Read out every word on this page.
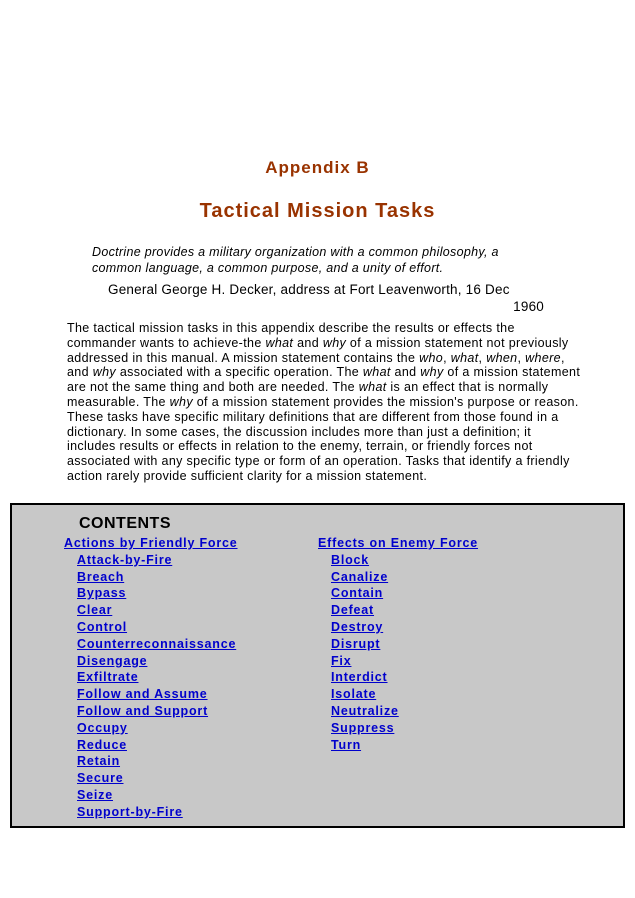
Appendix B
Tactical Mission Tasks
Doctrine provides a military organization with a common philosophy, a common language, a common purpose, and a unity of effort.
General George H. Decker, address at Fort Leavenworth, 16 Dec
1960

The tactical mission tasks in this appendix describe the results or effects the commander wants to achieve-the what and why of a mission statement not previously addressed in this manual. A mission statement contains the who, what, when, where, and why associated with a specific operation. The what and why of a mission statement are not the same thing and both are needed. The what is an effect that is normally measurable. The why of a mission statement provides the mission's purpose or reason. These tasks have specific military definitions that are different from those found in a dictionary. In some cases, the discussion includes more than just a definition; it includes results or effects in relation to the enemy, terrain, or friendly forces not associated with any specific type or form of an operation. Tasks that identify a friendly action rarely provide sufficient clarity for a mission statement.

CONTENTS
Actions by Friendly Force
Attack-by-Fire
Breach
Bypass
Clear
Control
Counterreconnaissance
Disengage
Exfiltrate
Follow and Assume
Follow and Support
Occupy
Reduce
Retain
Secure
Seize
Support-by-Fire
Effects on Enemy Force
Block
Canalize
Contain
Defeat
Destroy
Disrupt
Fix
Interdict
Isolate
Neutralize
Suppress
Turn
